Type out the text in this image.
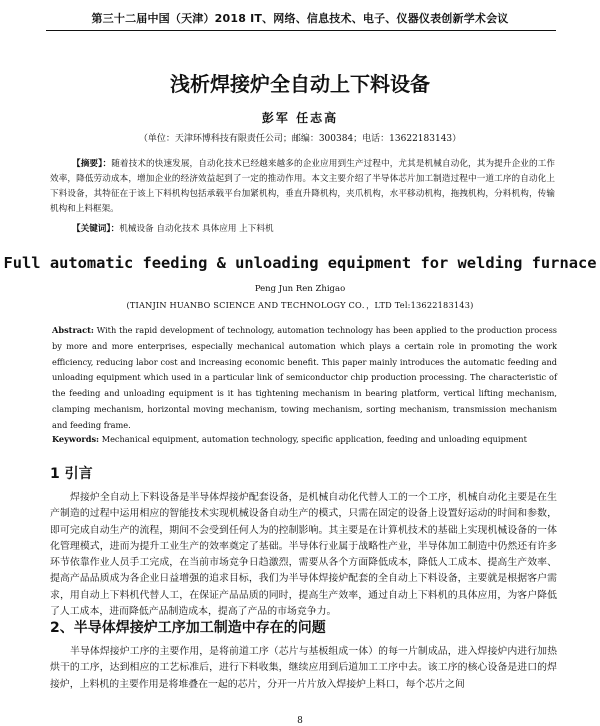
第三十二届中国（天津）2018 IT、网络、信息技术、电子、仪器仪表创新学术会议
浅析焊接炉全自动上下料设备
彭军 任志高
（单位：天津环博科技有限责任公司；邮编：300384；电话：13622183143）
【摘要】：随着技术的快速发展，自动化技术已经越来越多的企业应用到生产过程中，尤其是机械自动化，其为提升企业的工作效率，降低劳动成本，增加企业的经济效益起到了一定的推动作用。本文主要介绍了半导体芯片加工制造过程中一道工序的自动化上下料设备，其特征在于该上下料机构包括承载平台加紧机构，垂直升降机构，夹爪机构，水平移动机构，拖拽机构，分料机构，传输机构和上料框架。
【关键词】：机械设备 自动化技术 具体应用 上下料机
Full automatic feeding & unloading equipment for welding furnace
Peng Jun Ren Zhigao
(TIANJIN HUANBO SCIENCE AND TECHNOLOGY CO．，LTD Tel:13622183143)
Abstract: With the rapid development of technology, automation technology has been applied to the production process by more and more enterprises, especially mechanical automation which plays a certain role in promoting the work efficiency, reducing labor cost and increasing economic benefit. This paper mainly introduces the automatic feeding and unloading equipment which used in a particular link of semiconductor chip production processing. The characteristic of the feeding and unloading equipment is it has tightening mechanism in bearing platform, vertical lifting mechanism, clamping mechanism, horizontal moving mechanism, towing mechanism, sorting mechanism, transmission mechanism and feeding frame.
Keywords: Mechanical equipment, automation technology, specific application, feeding and unloading equipment
1 引言
焊接炉全自动上下料设备是半导体焊接炉配套设备，是机械自动化代替人工的一个工序，机械自动化主要是在生产制造的过程中运用相应的智能技术实现机械设备自动生产的模式，只需在固定的设备上设置好运动的时间和参数，即可完成自动生产的流程，期间不会受到任何人为的控制影响。其主要是在计算机技术的基础上实现机械设备的一体化管理模式，进而为提升工业生产的效率奠定了基础。半导体行业属于战略性产业，半导体加工制造中仍然还有许多环节依靠作业人员手工完成，在当前市场竞争日趋激烈，需要从各个方面降低成本，降低人工成本、提高生产效率、提高产品品质成为各企业日益增强的追求目标，我们为半导体焊接炉配套的全自动上下料设备，主要就是根据客户需求，用自动上下料机代替人工，在保证产品品质的同时，提高生产效率，通过自动上下料机的具体应用，为客户降低了人工成本，进而降低产品制造成本，提高了产品的市场竞争力。
2、半导体焊接炉工序加工制造中存在的问题
半导体焊接炉工序的主要作用，是将前道工序（芯片与基板组成一体）的每一片制成品，进入焊接炉内进行加热烘干的工序，达到相应的工艺标准后，进行下料收集，继续应用到后道加工工序中去。该工序的核心设备是进口的焊接炉，上料机的主要作用是将堆叠在一起的芯片，分开一片片放入焊接炉上料口，每个芯片之间
8
